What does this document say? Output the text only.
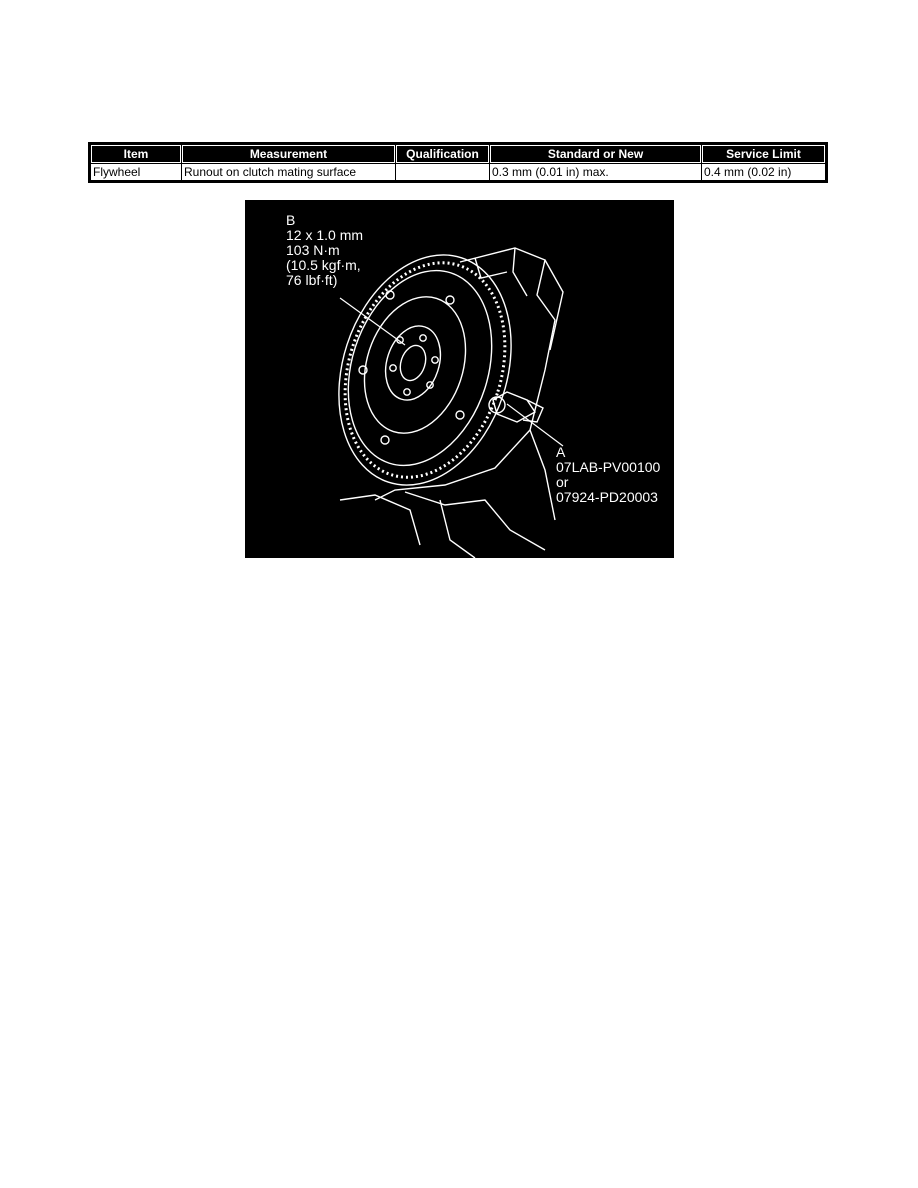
Item	Measurement	Qualification	Standard or New	Service Limit
Flywheel	Runout on clutch mating surface		0.3 mm (0.01 in) max.	0.4 mm (0.02 in)
B
12 x 1.0 mm
103 N·m
(10.5 kgf·m,
76 lbf·ft)
A
07LAB-PV00100
or
07924-PD20003
